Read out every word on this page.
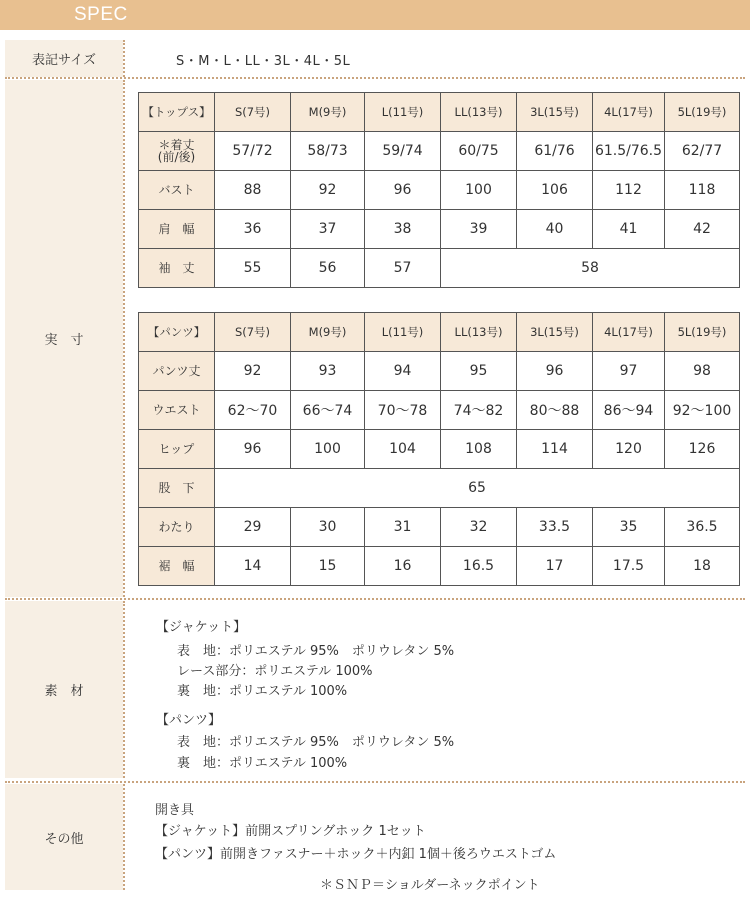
SPEC
表記サイズ	S・M・L・LL・3L・4L・5L
実　寸
【トップス】	S(7号)	M(9号)	L(11号)	LL(13号)	3L(15号)	4L(17号)	5L(19号)
＊着丈
(前/後)	57/72	58/73	59/74	60/75	61/76	61.5/76.5	62/77
バスト	88	92	96	100	106	112	118
肩　幅	36	37	38	39	40	41	42
袖　丈	55	56	57	58			
【パンツ】	S(7号)	M(9号)	L(11号)	LL(13号)	3L(15号)	4L(17号)	5L(19号)
パンツ丈	92	93	94	95	96	97	98
ウエスト	62〜70	66〜74	70〜78	74〜82	80〜88	86〜94	92〜100
ヒップ	96	100	104	108	114	120	126
股　下	65						
わたり	29	30	31	32	33.5	35	36.5
裾　幅	14	15	16	16.5	17	17.5	18
素　材
【ジャケット】
表　地：ポリエステル 95%　ポリウレタン 5%
レース部分：ポリエステル 100%
裏　地：ポリエステル 100%
【パンツ】
表　地：ポリエステル 95%　ポリウレタン 5%
裏　地：ポリエステル 100%
その他
開き具
【ジャケット】前開スプリングホック 1セット
【パンツ】前開きファスナー＋ホック＋内釦 1個＋後ろウエストゴム
＊ＳＮＰ＝ショルダーネックポイント
